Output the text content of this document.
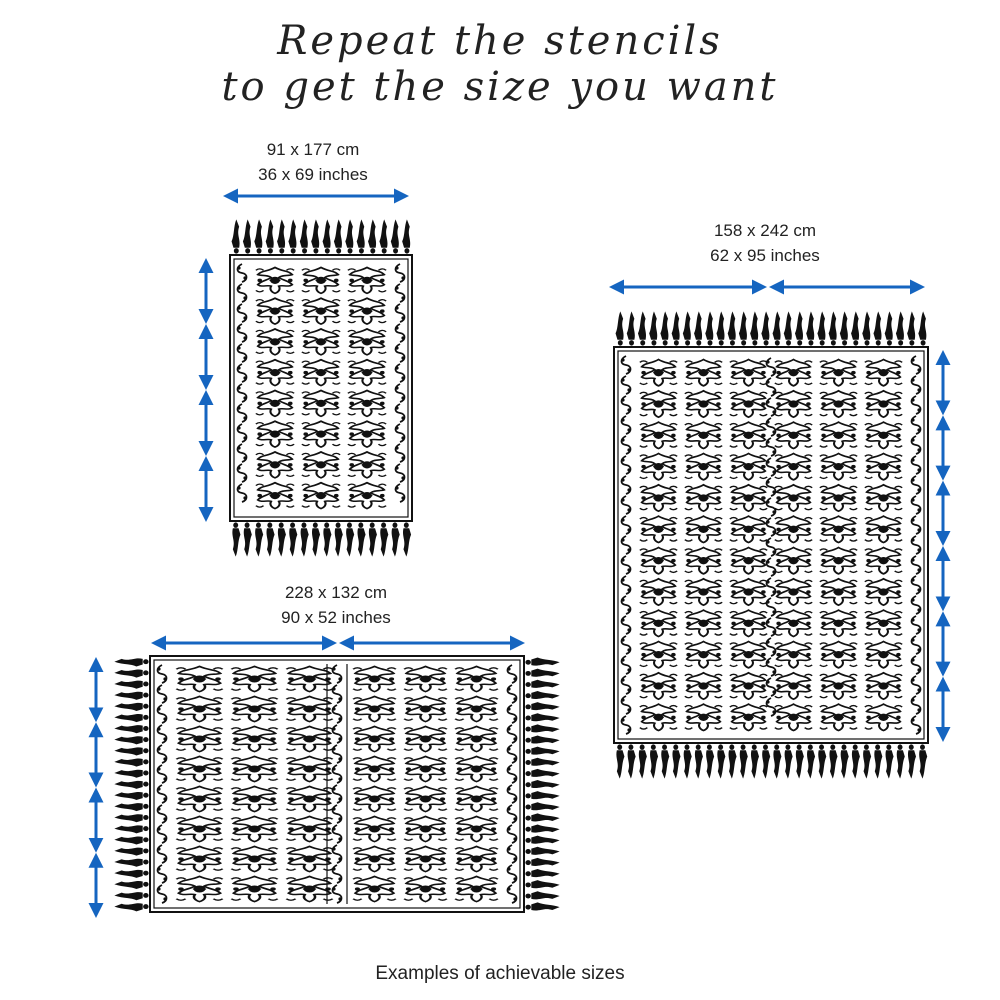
Repeat the stencils
to get the size you want
91 x 177 cm
36 x 69 inches
158 x 242 cm
62 x 95 inches
228 x 132 cm
90 x 52 inches
Examples of achievable sizes
